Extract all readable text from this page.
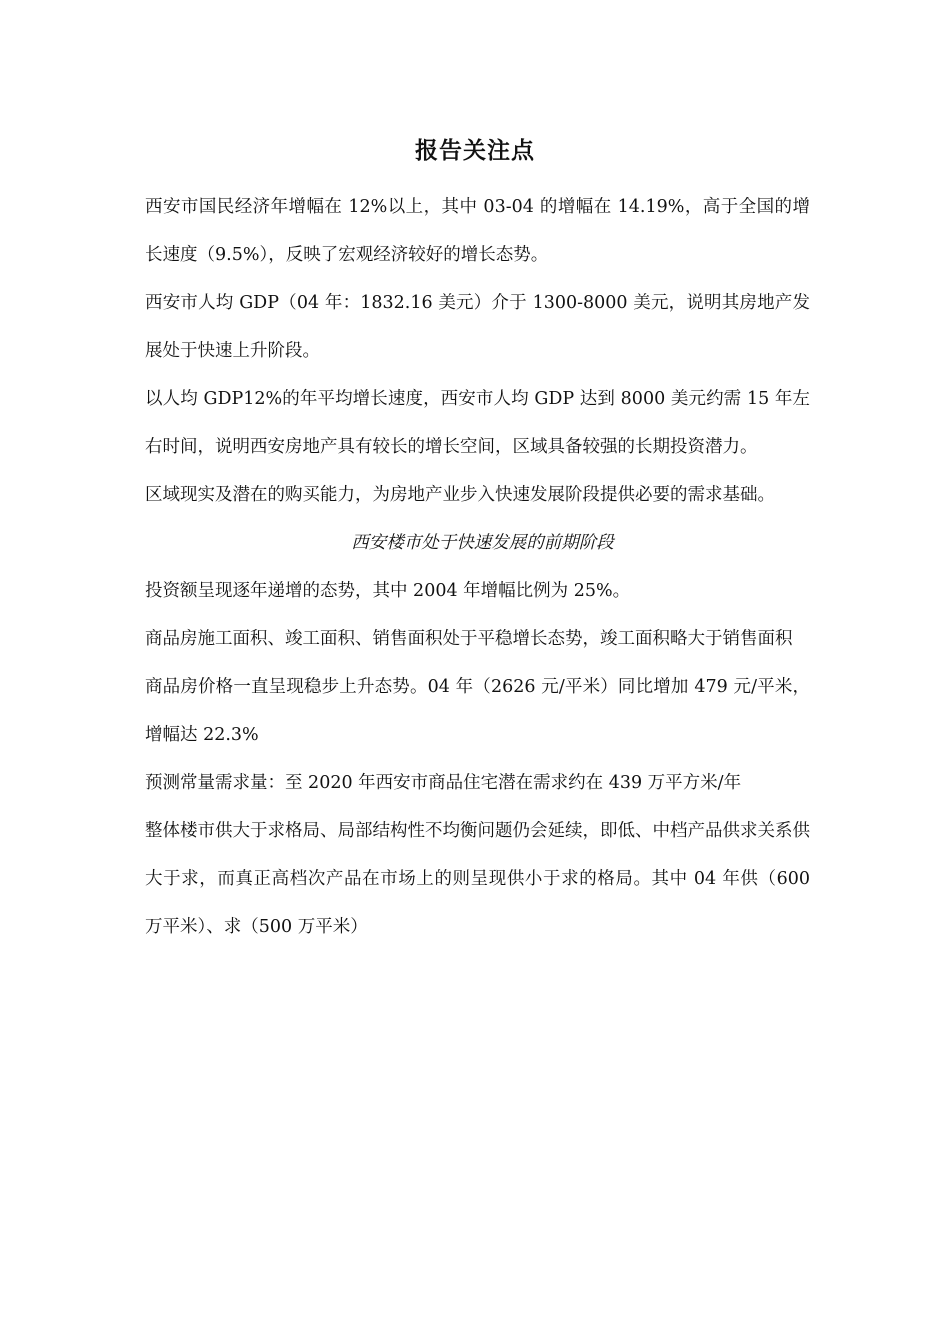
报告关注点

西安市国民经济年增幅在 12%以上，其中 03-04 的增幅在 14.19%，高于全国的增长速度（9.5%），反映了宏观经济较好的增长态势。

西安市人均 GDP（04 年：1832.16 美元）介于 1300-8000 美元，说明其房地产发展处于快速上升阶段。

以人均 GDP12%的年平均增长速度，西安市人均 GDP 达到 8000 美元约需 15 年左右时间，说明西安房地产具有较长的增长空间，区域具备较强的长期投资潜力。

区域现实及潜在的购买能力，为房地产业步入快速发展阶段提供必要的需求基础。

西安楼市处于快速发展的前期阶段

投资额呈现逐年递增的态势，其中 2004 年增幅比例为 25%。

商品房施工面积、竣工面积、销售面积处于平稳增长态势，竣工面积略大于销售面积

商品房价格一直呈现稳步上升态势。04 年（2626 元/平米）同比增加 479 元/平米，增幅达 22.3%

预测常量需求量：至 2020 年西安市商品住宅潜在需求约在 439 万平方米/年

整体楼市供大于求格局、局部结构性不均衡问题仍会延续，即低、中档产品供求关系供大于求，而真正高档次产品在市场上的则呈现供小于求的格局。其中 04 年供（600 万平米）、求（500 万平米）
